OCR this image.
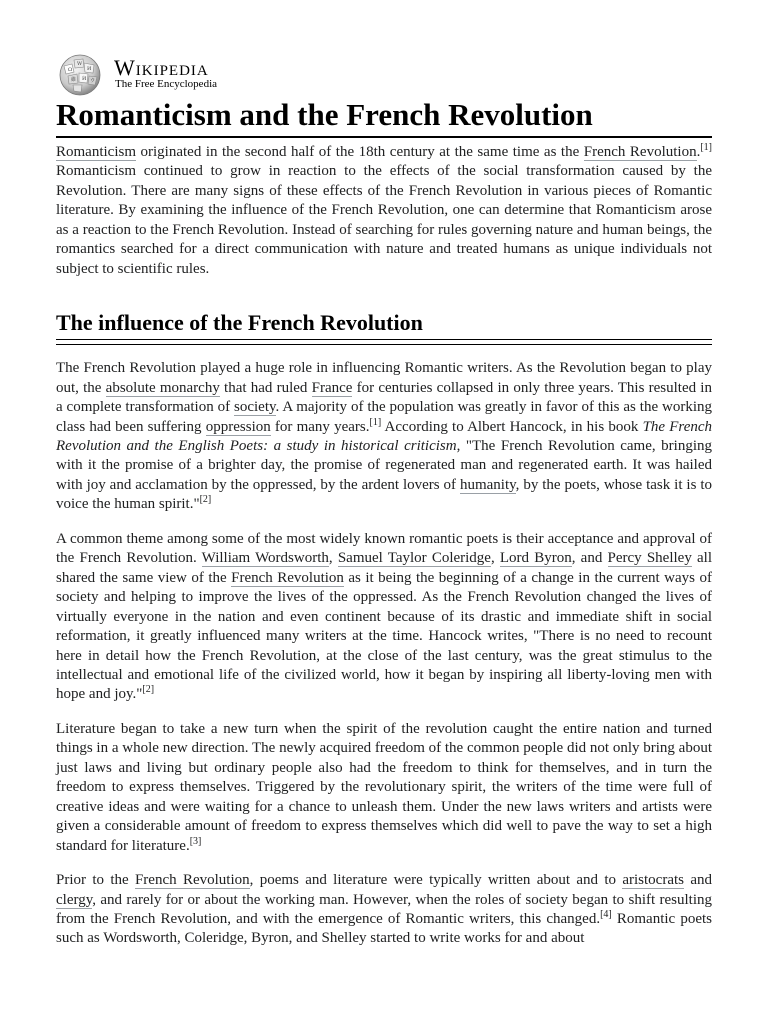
Ω
W
И
維 Ѝ ウ
Wikipedia
The Free Encyclopedia
Romanticism and the French Revolution

Romanticism originated in the second half of the 18th century at the same time as the French Revolution.[1] Romanticism continued to grow in reaction to the effects of the social transformation caused by the Revolution. There are many signs of these effects of the French Revolution in various pieces of Romantic literature. By examining the influence of the French Revolution, one can determine that Romanticism arose as a reaction to the French Revolution. Instead of searching for rules governing nature and human beings, the romantics searched for a direct communication with nature and treated humans as unique individuals not subject to scientific rules.

The influence of the French Revolution

The French Revolution played a huge role in influencing Romantic writers. As the Revolution began to play out, the absolute monarchy that had ruled France for centuries collapsed in only three years. This resulted in a complete transformation of society. A majority of the population was greatly in favor of this as the working class had been suffering oppression for many years.[1] According to Albert Hancock, in his book The French Revolution and the English Poets: a study in historical criticism, "The French Revolution came, bringing with it the promise of a brighter day, the promise of regenerated man and regenerated earth. It was hailed with joy and acclamation by the oppressed, by the ardent lovers of humanity, by the poets, whose task it is to voice the human spirit."[2]

A common theme among some of the most widely known romantic poets is their acceptance and approval of the French Revolution. William Wordsworth, Samuel Taylor Coleridge, Lord Byron, and Percy Shelley all shared the same view of the French Revolution as it being the beginning of a change in the current ways of society and helping to improve the lives of the oppressed. As the French Revolution changed the lives of virtually everyone in the nation and even continent because of its drastic and immediate shift in social reformation, it greatly influenced many writers at the time. Hancock writes, "There is no need to recount here in detail how the French Revolution, at the close of the last century, was the great stimulus to the intellectual and emotional life of the civilized world, how it began by inspiring all liberty-loving men with hope and joy."[2]

Literature began to take a new turn when the spirit of the revolution caught the entire nation and turned things in a whole new direction. The newly acquired freedom of the common people did not only bring about just laws and living but ordinary people also had the freedom to think for themselves, and in turn the freedom to express themselves. Triggered by the revolutionary spirit, the writers of the time were full of creative ideas and were waiting for a chance to unleash them. Under the new laws writers and artists were given a considerable amount of freedom to express themselves which did well to pave the way to set a high standard for literature.[3]

Prior to the French Revolution, poems and literature were typically written about and to aristocrats and clergy, and rarely for or about the working man. However, when the roles of society began to shift resulting from the French Revolution, and with the emergence of Romantic writers, this changed.[4] Romantic poets such as Wordsworth, Coleridge, Byron, and Shelley started to write works for and about
